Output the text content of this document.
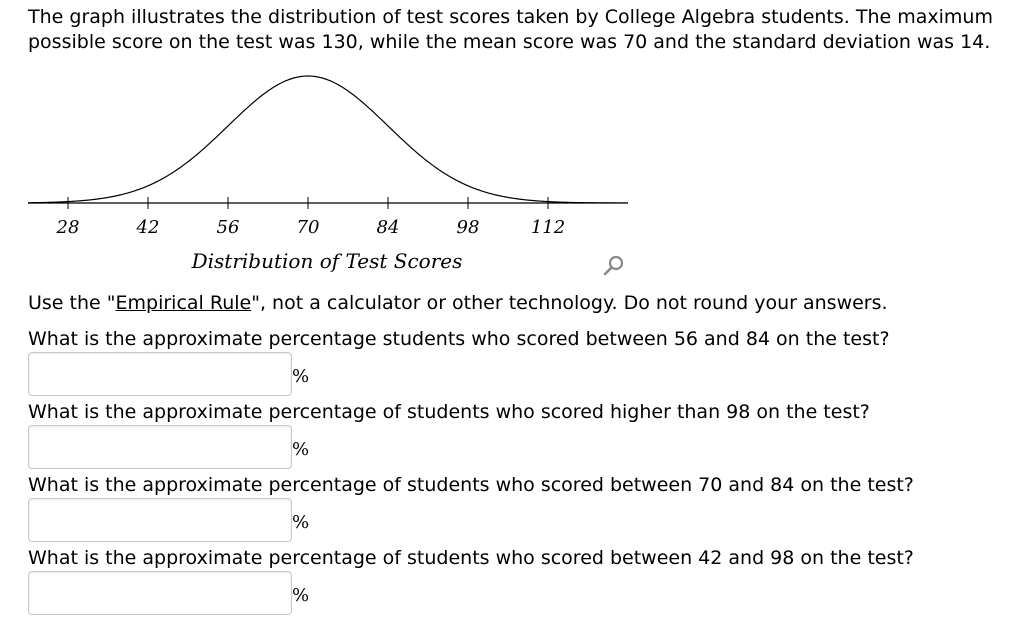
The graph illustrates the distribution of test scores taken by College Algebra students. The maximum
possible score on the test was 130, while the mean score was 70 and the standard deviation was 14.
28	42	56	70	84	98	112
Distribution of Test Scores

Use the "Empirical Rule", not a calculator or other technology. Do not round your answers.

What is the approximate percentage students who scored between 56 and 84 on the test?

%

What is the approximate percentage of students who scored higher than 98 on the test?

%

What is the approximate percentage of students who scored between 70 and 84 on the test?

%

What is the approximate percentage of students who scored between 42 and 98 on the test?

%
